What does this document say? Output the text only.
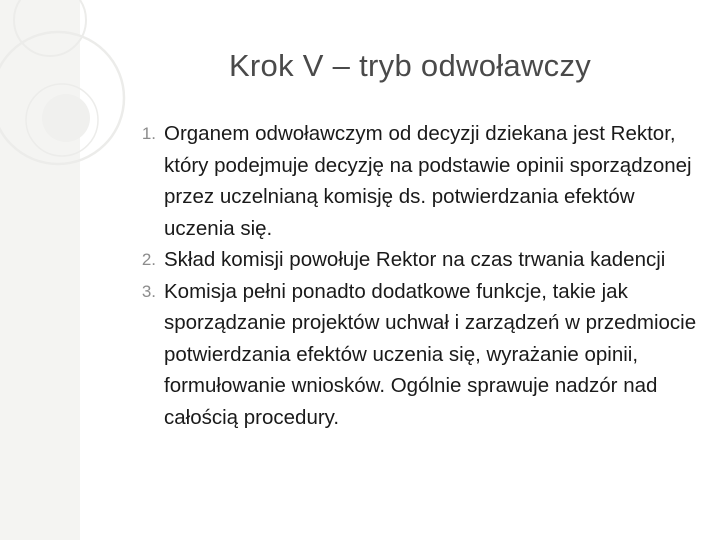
Krok V – tryb odwoławczy
1. Organem odwoławczym od decyzji dziekana jest Rektor, który podejmuje decyzję na podstawie opinii sporządzonej przez uczelnianą komisję ds. potwierdzania efektów uczenia się.
2. Skład komisji powołuje Rektor na czas trwania kadencji
3. Komisja pełni ponadto dodatkowe funkcje, takie jak sporządzanie projektów uchwał i zarządzeń w przedmiocie potwierdzania efektów uczenia się, wyrażanie opinii, formułowanie wniosków. Ogólnie sprawuje nadzór nad całością procedury.
